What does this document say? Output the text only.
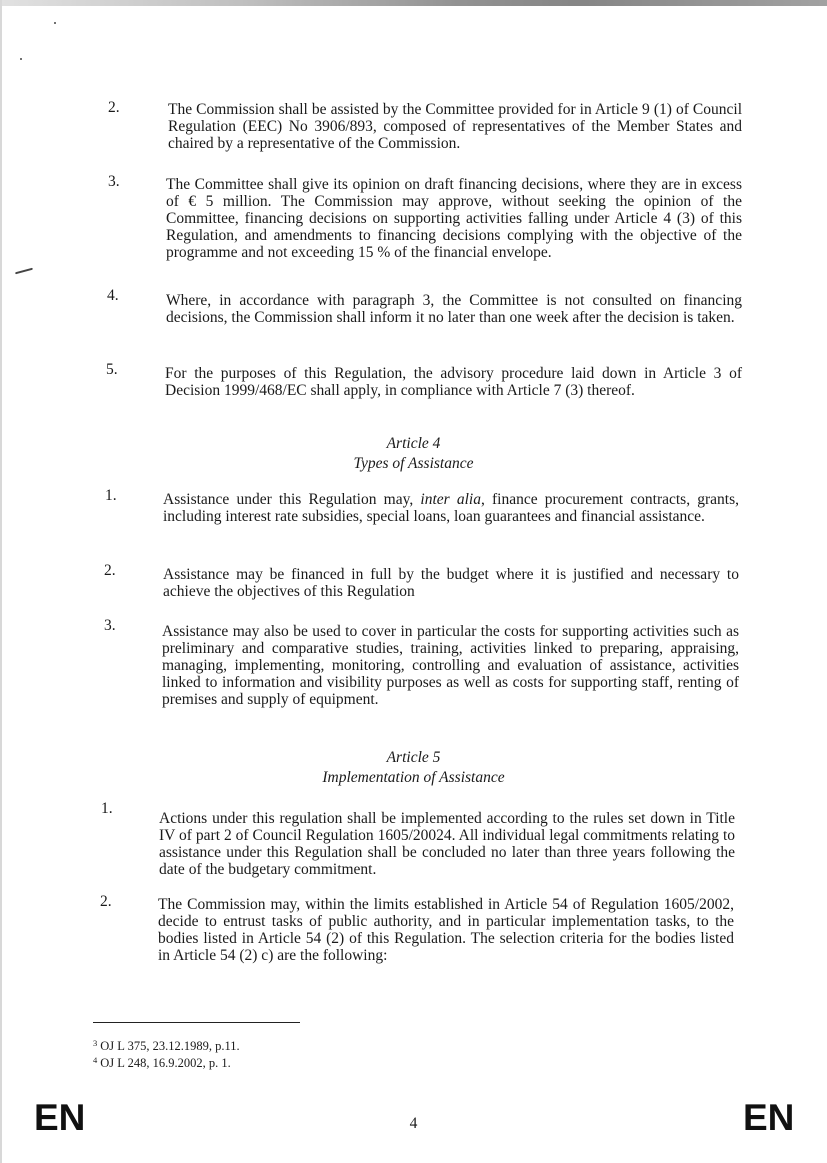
2.	The Commission shall be assisted by the Committee provided for in Article 9 (1) of Council Regulation (EEC) No 3906/893, composed of representatives of the Member States and chaired by a representative of the Commission.

3.	The Committee shall give its opinion on draft financing decisions, where they are in excess of € 5 million. The Commission may approve, without seeking the opinion of the Committee, financing decisions on supporting activities falling under Article 4 (3) of this Regulation, and amendments to financing decisions complying with the objective of the programme and not exceeding 15 % of the financial envelope.

4.	Where, in accordance with paragraph 3, the Committee is not consulted on financing decisions, the Commission shall inform it no later than one week after the decision is taken.

5.	For the purposes of this Regulation, the advisory procedure laid down in Article 3 of Decision 1999/468/EC shall apply, in compliance with Article 7 (3) thereof.

Article 4
Types of Assistance
1.	Assistance under this Regulation may, inter alia, finance procurement contracts, grants, including interest rate subsidies, special loans, loan guarantees and financial assistance.

2.	Assistance may be financed in full by the budget where it is justified and necessary to achieve the objectives of this Regulation

3.	Assistance may also be used to cover in particular the costs for supporting activities such as preliminary and comparative studies, training, activities linked to preparing, appraising, managing, implementing, monitoring, controlling and evaluation of assistance, activities linked to information and visibility purposes as well as costs for supporting staff, renting of premises and supply of equipment.

Article 5
Implementation of Assistance
1.

Actions under this regulation shall be implemented according to the rules set down in Title IV of part 2 of Council Regulation 1605/20024. All individual legal commitments relating to assistance under this Regulation shall be concluded no later than three years following the date of the budgetary commitment.

2.	The Commission may, within the limits established in Article 54 of Regulation 1605/2002, decide to entrust tasks of public authority, and in particular implementation tasks, to the bodies listed in Article 54 (2) of this Regulation. The selection criteria for the bodies listed in Article 54 (2) c) are the following:

$^3$ OJ L 375, 23.12.1989, p.11.
$^4$ OJ L 248, 16.9.2002, p. 1.
EN	4	EN
